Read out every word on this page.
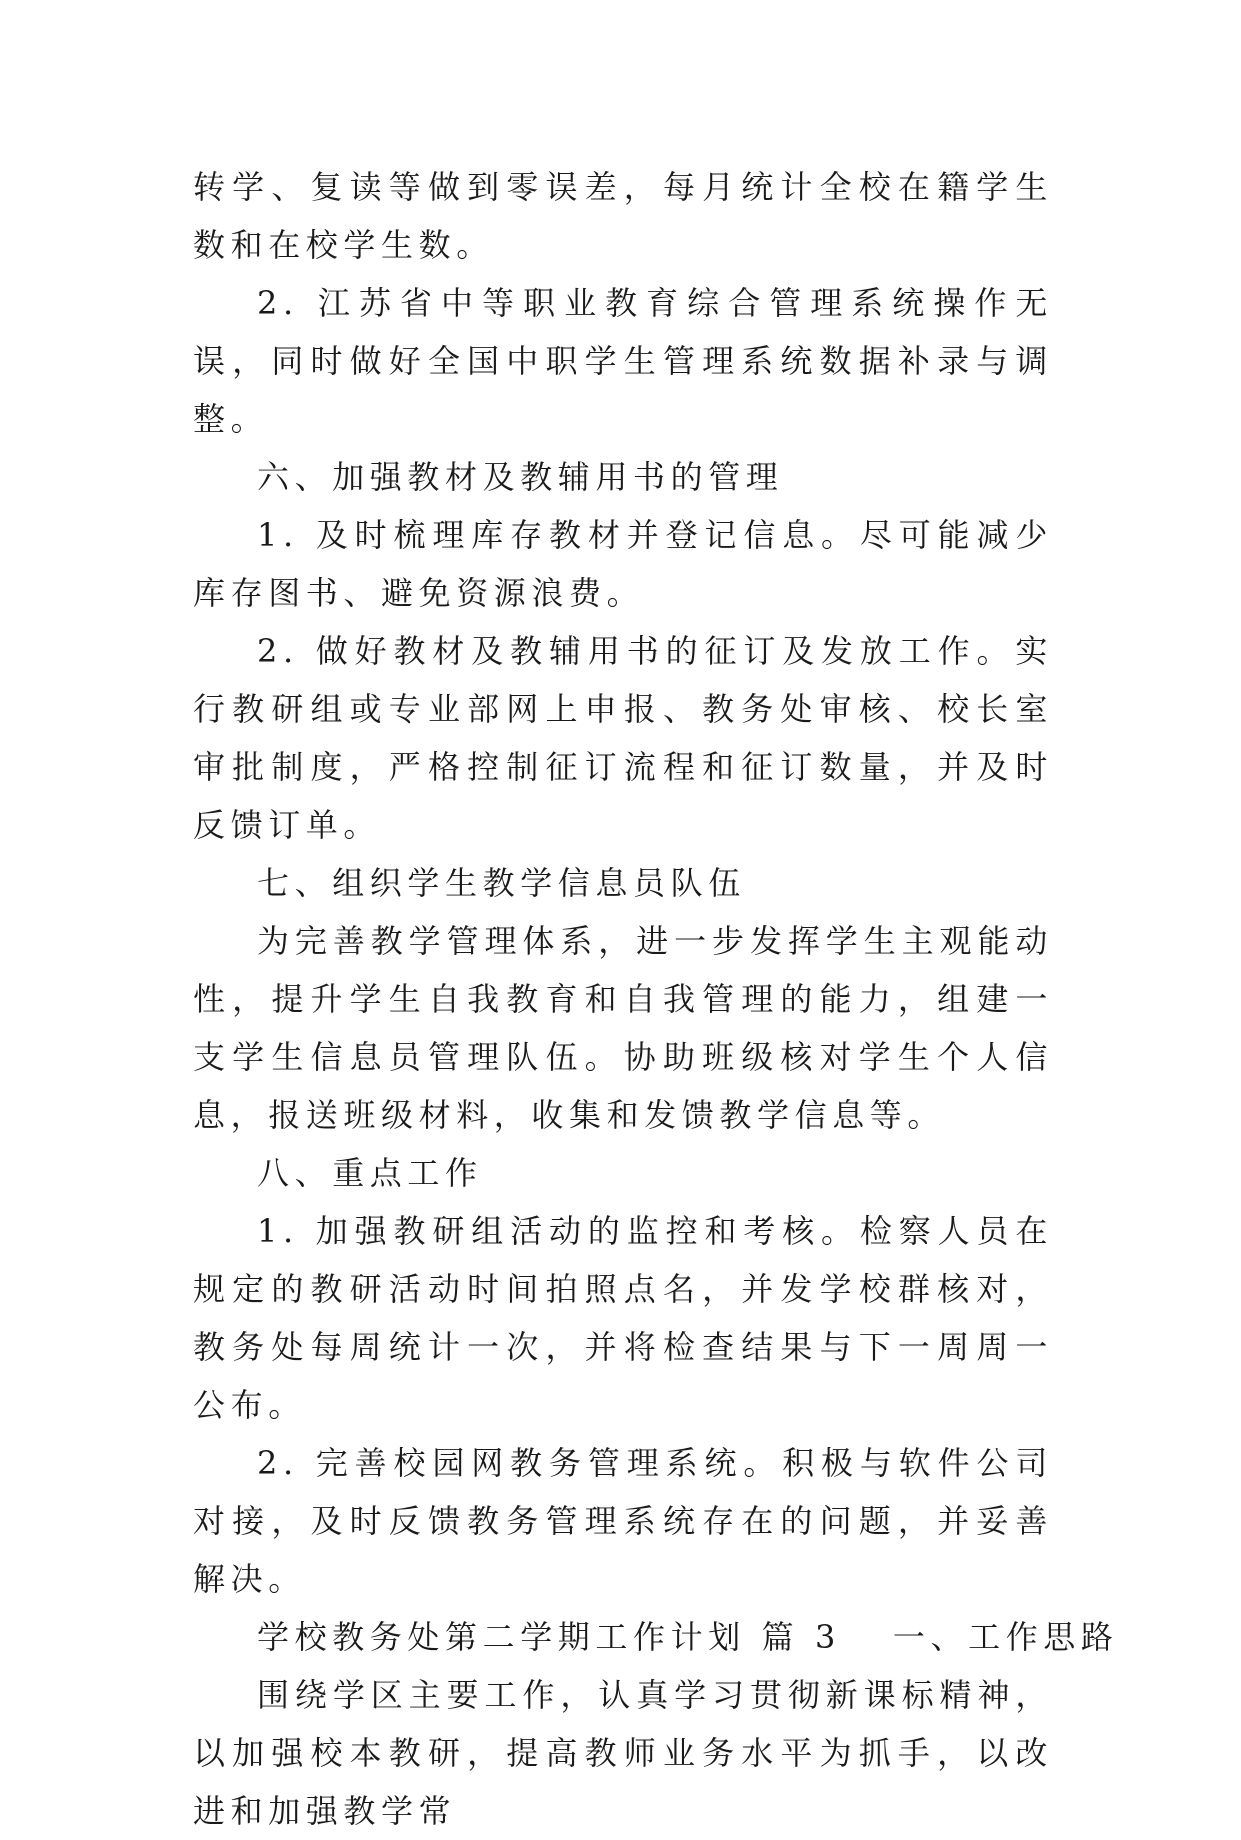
转学、复读等做到零误差，每月统计全校在籍学生数和在校学生数。

2. 江苏省中等职业教育综合管理系统操作无误，同时做好全国中职学生管理系统数据补录与调整。

六、加强教材及教辅用书的管理

1. 及时梳理库存教材并登记信息。尽可能减少库存图书、避免资源浪费。

2. 做好教材及教辅用书的征订及发放工作。实行教研组或专业部网上申报、教务处审核、校长室审批制度，严格控制征订流程和征订数量，并及时反馈订单。

七、组织学生教学信息员队伍

为完善教学管理体系，进一步发挥学生主观能动性，提升学生自我教育和自我管理的能力，组建一支学生信息员管理队伍。协助班级核对学生个人信息，报送班级材料，收集和发馈教学信息等。

八、重点工作

1. 加强教研组活动的监控和考核。检察人员在规定的教研活动时间拍照点名，并发学校群核对，教务处每周统计一次，并将检查结果与下一周周一公布。

2. 完善校园网教务管理系统。积极与软件公司对接，及时反馈教务管理系统存在的问题，并妥善解决。

学校教务处第二学期工作计划 篇 3 一、工作思路

围绕学区主要工作，认真学习贯彻新课标精神，以加强校本教研，提高教师业务水平为抓手，以改进和加强教学常
